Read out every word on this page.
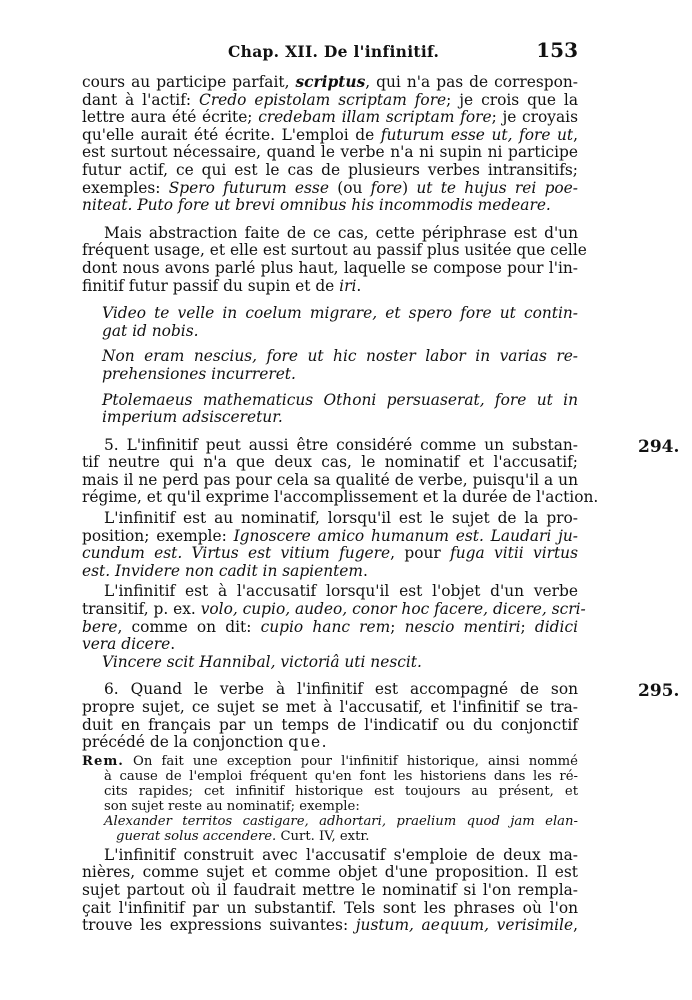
Chap. XII. De l'infinitif.	153
cours au participe parfait, scriptus, qui n'a pas de correspon-
dant à l'actif: Credo epistolam scriptam fore; je crois que la
lettre aura été écrite; credebam illam scriptam fore; je croyais
qu'elle aurait été écrite. L'emploi de futurum esse ut, fore ut,
est surtout nécessaire, quand le verbe n'a ni supin ni participe
futur actif, ce qui est le cas de plusieurs verbes intransitifs;
exemples: Spero futurum esse (ou fore) ut te hujus rei poe-
niteat. Puto fore ut brevi omnibus his incommodis medeare.
Mais abstraction faite de ce cas, cette périphrase est d'un
fréquent usage, et elle est surtout au passif plus usitée que celle
dont nous avons parlé plus haut, laquelle se compose pour l'in-
finitif futur passif du supin et de iri.
Video te velle in coelum migrare, et spero fore ut contin-
gat id nobis.
Non eram nescius, fore ut hic noster labor in varias re-
prehensiones incurreret.
Ptolemaeus mathematicus Othoni persuaserat, fore ut in
imperium adsisceretur.
294.
5. L'infinitif peut aussi être considéré comme un substan-
tif neutre qui n'a que deux cas, le nominatif et l'accusatif;
mais il ne perd pas pour cela sa qualité de verbe, puisqu'il a un
régime, et qu'il exprime l'accomplissement et la durée de l'action.
L'infinitif est au nominatif, lorsqu'il est le sujet de la pro-
position; exemple: Ignoscere amico humanum est. Laudari ju-
cundum est. Virtus est vitium fugere, pour fuga vitii virtus
est. Invidere non cadit in sapientem.
L'infinitif est à l'accusatif lorsqu'il est l'objet d'un verbe
transitif, p. ex. volo, cupio, audeo, conor hoc facere, dicere, scri-
bere, comme on dit: cupio hanc rem; nescio mentiri; didici
vera dicere.
Vincere scit Hannibal, victoriâ uti nescit.
295.
6. Quand le verbe à l'infinitif est accompagné de son
propre sujet, ce sujet se met à l'accusatif, et l'infinitif se tra-
duit en français par un temps de l'indicatif ou du conjonctif
précédé de la conjonction que.
Rem. On fait une exception pour l'infinitif historique, ainsi nommé
à cause de l'emploi fréquent qu'en font les historiens dans les ré-
cits rapides; cet infinitif historique est toujours au présent, et
son sujet reste au nominatif; exemple:
Alexander territos castigare, adhortari, praelium quod jam elan-
guerat solus accendere. Curt. IV, extr.
L'infinitif construit avec l'accusatif s'emploie de deux ma-
nières, comme sujet et comme objet d'une proposition. Il est
sujet partout où il faudrait mettre le nominatif si l'on rempla-
çait l'infinitif par un substantif. Tels sont les phrases où l'on
trouve les expressions suivantes: justum, aequum, verisimile,
